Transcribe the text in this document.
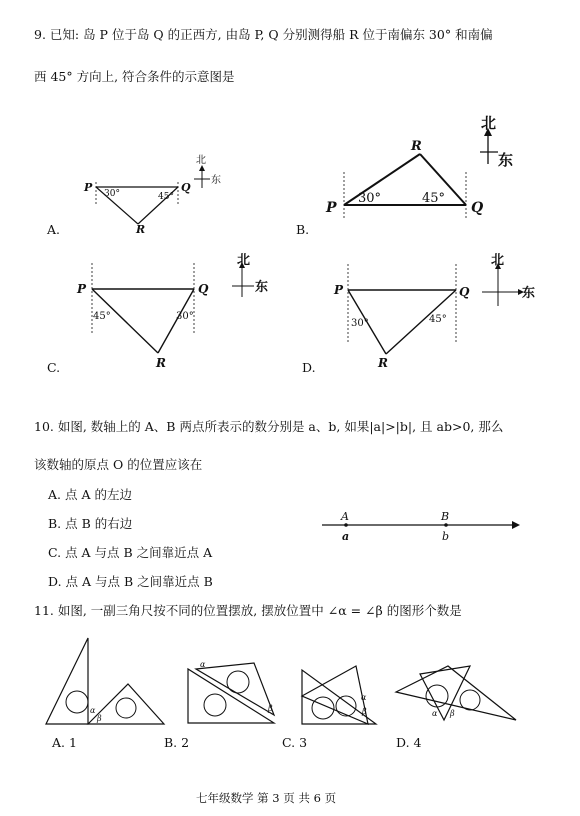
9. 已知: 岛 P 位于岛 Q 的正西方, 由岛 P, Q 分别测得船 R 位于南偏东 30° 和南偏
西 45° 方向上, 符合条件的示意图是
P	Q
R
30°	45°
北
东
A.
P	Q
R
30°	45°
北
东
B.
P	Q
R
45°	30°
北
东
C.
P	Q
R
30°	45°
北
东
D.
10. 如图, 数轴上的 A、B 两点所表示的数分别是 a、b, 如果|a|>|b|, 且 ab>0, 那么
该数轴的原点 O 的位置应该在
A. 点 A 的左边
B. 点 B 的右边
C. 点 A 与点 B 之间靠近点 A
D. 点 A 与点 B 之间靠近点 B
A	B
a	b
11. 如图, 一副三角尺按不同的位置摆放, 摆放位置中 ∠α = ∠β 的图形个数是
α
β
A. 1
α
β
B. 2
α
β
C. 3
α β
D. 4
七年级数学 第 3 页 共 6 页
